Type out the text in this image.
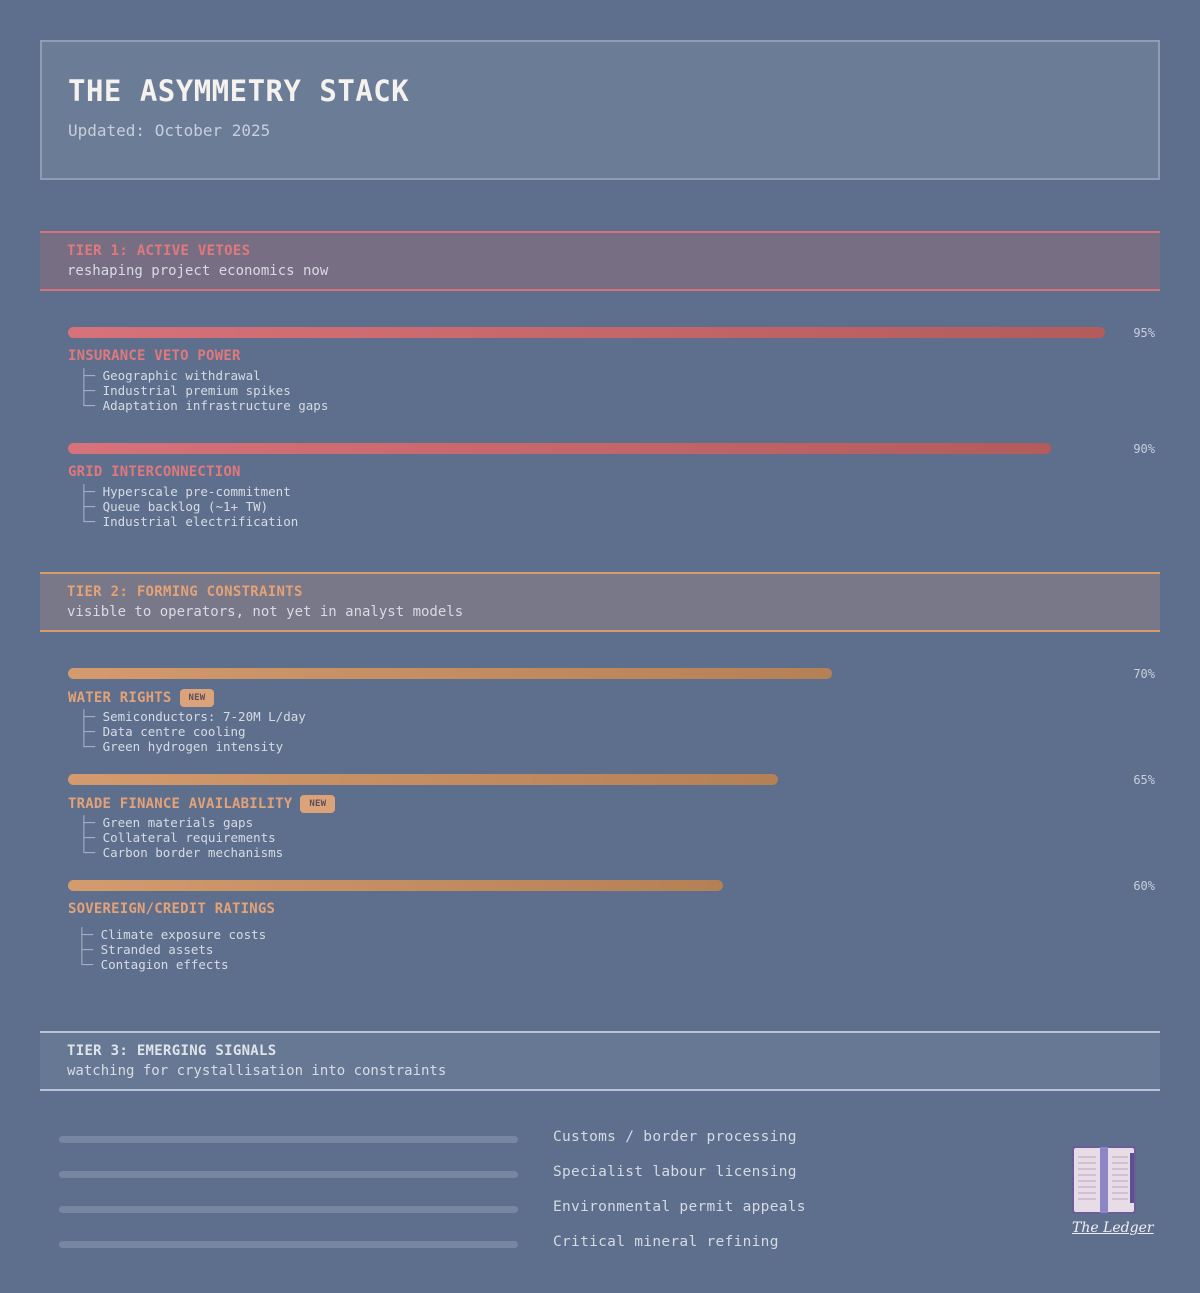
THE ASYMMETRY STACK
Updated: October 2025
TIER 1: ACTIVE VETOES
reshaping project economics now
TIER 2: FORMING CONSTRAINTS
visible to operators, not yet in analyst models
TIER 3: EMERGING SIGNALS
watching for crystallisation into constraints
95%
INSURANCE VETO POWER
├─ Geographic withdrawal
├─ Industrial premium spikes
└─ Adaptation infrastructure gaps
90%
GRID INTERCONNECTION
├─ Hyperscale pre-commitment
├─ Queue backlog (~1+ TW)
└─ Industrial electrification
70%
WATER RIGHTS	NEW
├─ Semiconductors: 7-20M L/day
├─ Data centre cooling
└─ Green hydrogen intensity
65%
TRADE FINANCE AVAILABILITY	NEW
├─ Green materials gaps
├─ Collateral requirements
└─ Carbon border mechanisms
60%
SOVEREIGN/CREDIT RATINGS
├─ Climate exposure costs
├─ Stranded assets
└─ Contagion effects
Customs / border processing
Specialist labour licensing
Environmental permit appeals
Critical mineral refining
The Ledger
